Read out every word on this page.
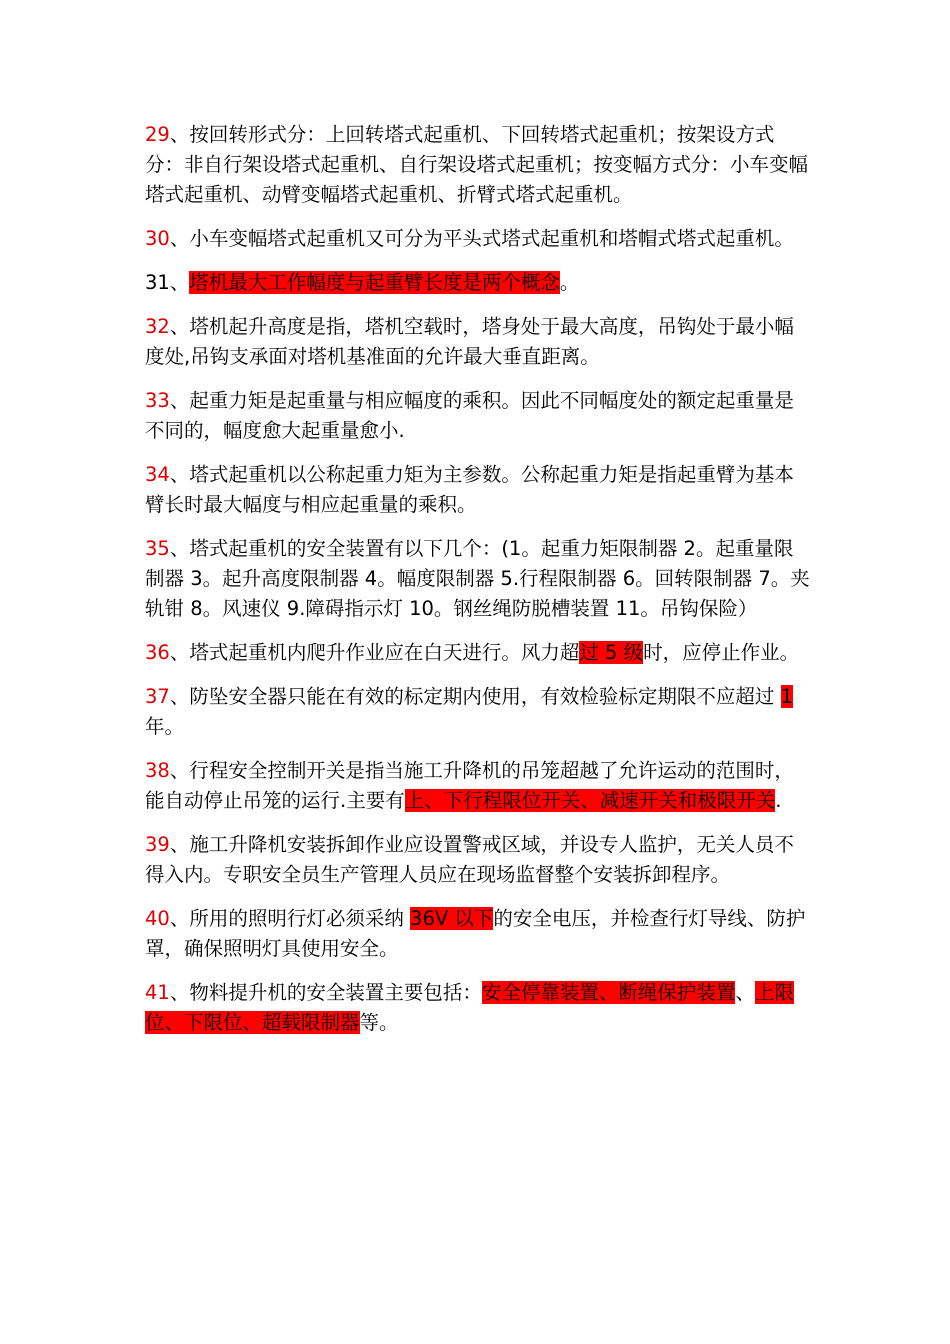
29、按回转形式分：上回转塔式起重机、下回转塔式起重机；按架设方式分：非自行架设塔式起重机、自行架设塔式起重机；按变幅方式分：小车变幅塔式起重机、动臂变幅塔式起重机、折臂式塔式起重机。

30、小车变幅塔式起重机又可分为平头式塔式起重机和塔帽式塔式起重机。

31、塔机最大工作幅度与起重臂长度是两个概念。

32、塔机起升高度是指，塔机空载时，塔身处于最大高度，吊钩处于最小幅度处,吊钩支承面对塔机基准面的允许最大垂直距离。

33、起重力矩是起重量与相应幅度的乘积。因此不同幅度处的额定起重量是不同的，幅度愈大起重量愈小.

34、塔式起重机以公称起重力矩为主参数。公称起重力矩是指起重臂为基本臂长时最大幅度与相应起重量的乘积。

35、塔式起重机的安全装置有以下几个：(1。起重力矩限制器 2。起重量限制器 3。起升高度限制器 4。幅度限制器 5.行程限制器 6。回转限制器 7。夹轨钳 8。风速仪 9.障碍指示灯 10。钢丝绳防脱槽装置 11。吊钩保险）

36、塔式起重机内爬升作业应在白天进行。风力超过 5 级时，应停止作业。

37、防坠安全器只能在有效的标定期内使用，有效检验标定期限不应超过 1年。

38、行程安全控制开关是指当施工升降机的吊笼超越了允许运动的范围时，能自动停止吊笼的运行.主要有上、下行程限位开关、减速开关和极限开关.

39、施工升降机安装拆卸作业应设置警戒区域，并设专人监护，无关人员不得入内。专职安全员生产管理人员应在现场监督整个安装拆卸程序。

40、所用的照明行灯必须采纳 36V 以下的安全电压，并检查行灯导线、防护罩，确保照明灯具使用安全。

41、物料提升机的安全装置主要包括：安全停靠装置、断绳保护装置、上限位、下限位、超载限制器等。
